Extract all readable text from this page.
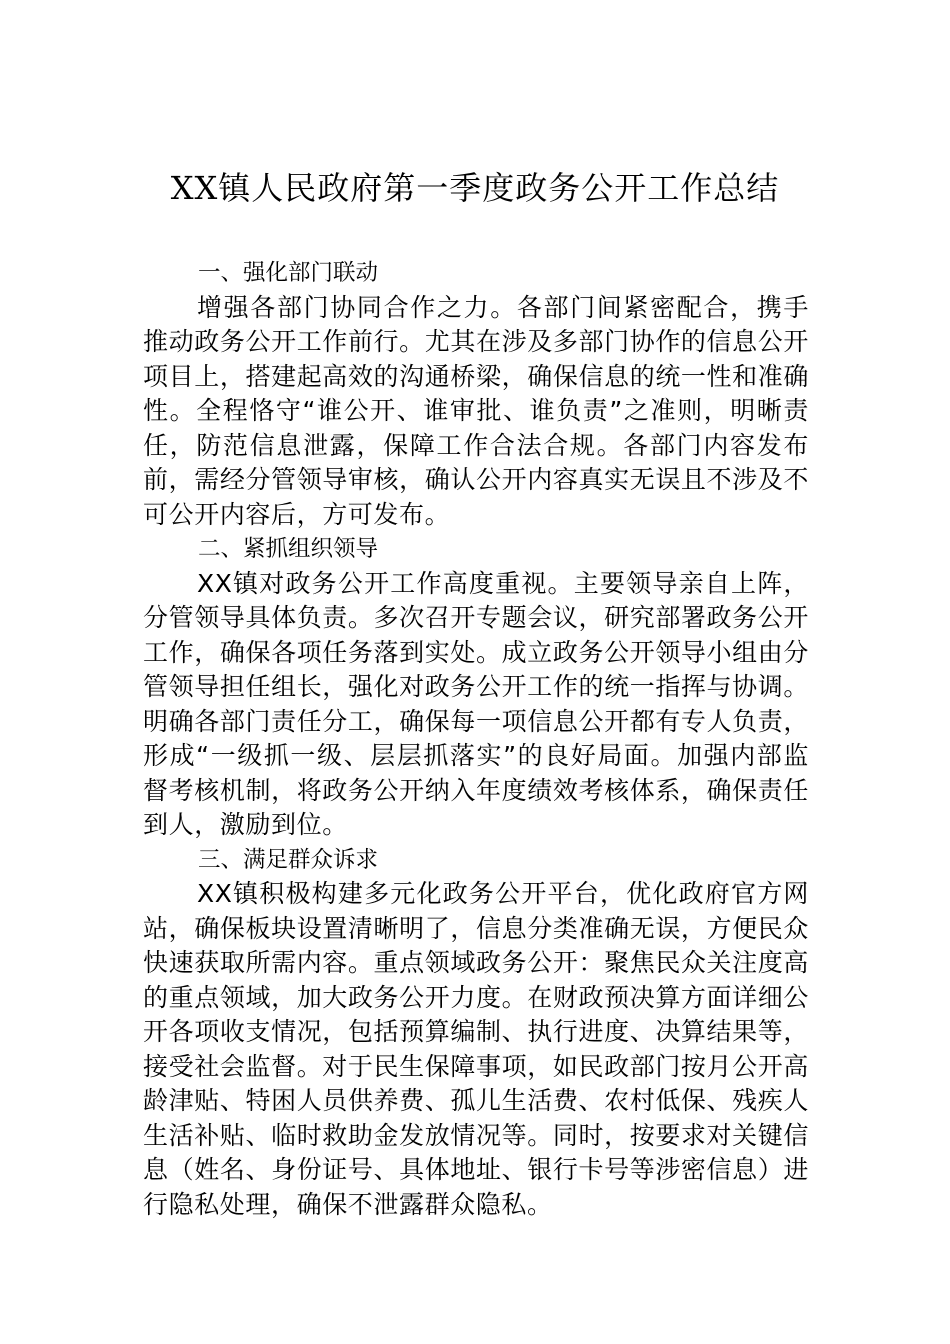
XX镇人民政府第一季度政务公开工作总结
一、强化部门联动

增强各部门协同合作之力。各部门间紧密配合，携手推动政务公开工作前行。尤其在涉及多部门协作的信息公开项目上，搭建起高效的沟通桥梁，确保信息的统一性和准确性。全程恪守“谁公开、谁审批、谁负责”之准则，明晰责任，防范信息泄露，保障工作合法合规。各部门内容发布前，需经分管领导审核，确认公开内容真实无误且不涉及不可公开内容后，方可发布。

二、紧抓组织领导

XX镇对政务公开工作高度重视。主要领导亲自上阵，分管领导具体负责。多次召开专题会议，研究部署政务公开工作，确保各项任务落到实处。成立政务公开领导小组由分管领导担任组长，强化对政务公开工作的统一指挥与协调。明确各部门责任分工，确保每一项信息公开都有专人负责，形成“一级抓一级、层层抓落实”的良好局面。加强内部监督考核机制，将政务公开纳入年度绩效考核体系，确保责任到人，激励到位。

三、满足群众诉求

XX镇积极构建多元化政务公开平台，优化政府官方网站，确保板块设置清晰明了，信息分类准确无误，方便民众快速获取所需内容。重点领域政务公开：聚焦民众关注度高的重点领域，加大政务公开力度。在财政预决算方面详细公开各项收支情况，包括预算编制、执行进度、决算结果等，接受社会监督。对于民生保障事项，如民政部门按月公开高龄津贴、特困人员供养费、孤儿生活费、农村低保、残疾人生活补贴、临时救助金发放情况等。同时，按要求对关键信息（姓名、身份证号、具体地址、银行卡号等涉密信息）进行隐私处理，确保不泄露群众隐私。
